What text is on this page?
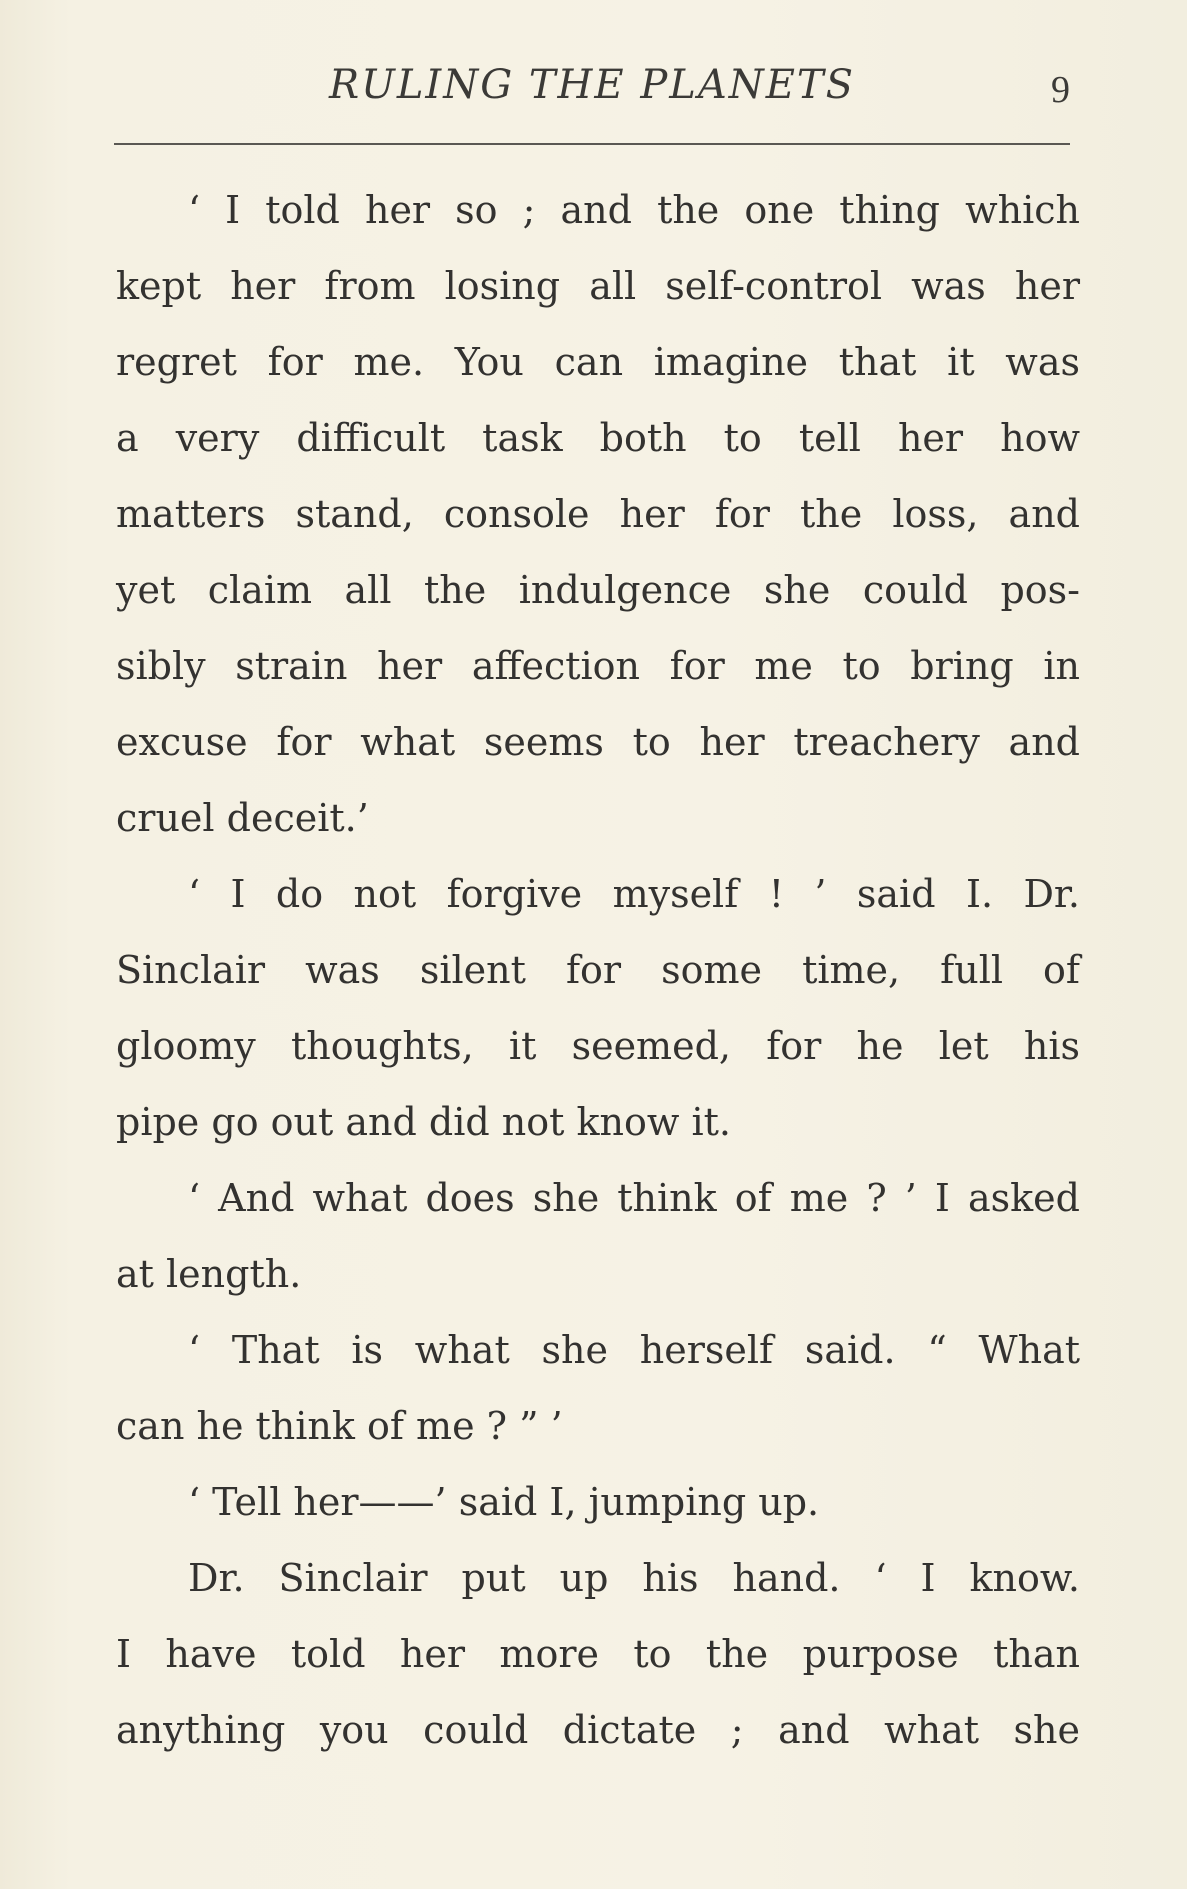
RULING THE PLANETS	9
‘ I told her so ; and the one thing which
kept her from losing all self-control was her
regret for me. You can imagine that it was
a very difficult task both to tell her how
matters stand, console her for the loss, and
yet claim all the indulgence she could pos-
sibly strain her affection for me to bring in
excuse for what seems to her treachery and
cruel deceit.’
‘ I do not forgive myself ! ’ said I. Dr.
Sinclair was silent for some time, full of
gloomy thoughts, it seemed, for he let his
pipe go out and did not know it.
‘ And what does she think of me ? ’ I asked
at length.
‘ That is what she herself said. “ What
can he think of me ? ” ’
‘ Tell her——’ said I, jumping up.
Dr. Sinclair put up his hand. ‘ I know.
I have told her more to the purpose than
anything you could dictate ; and what she
